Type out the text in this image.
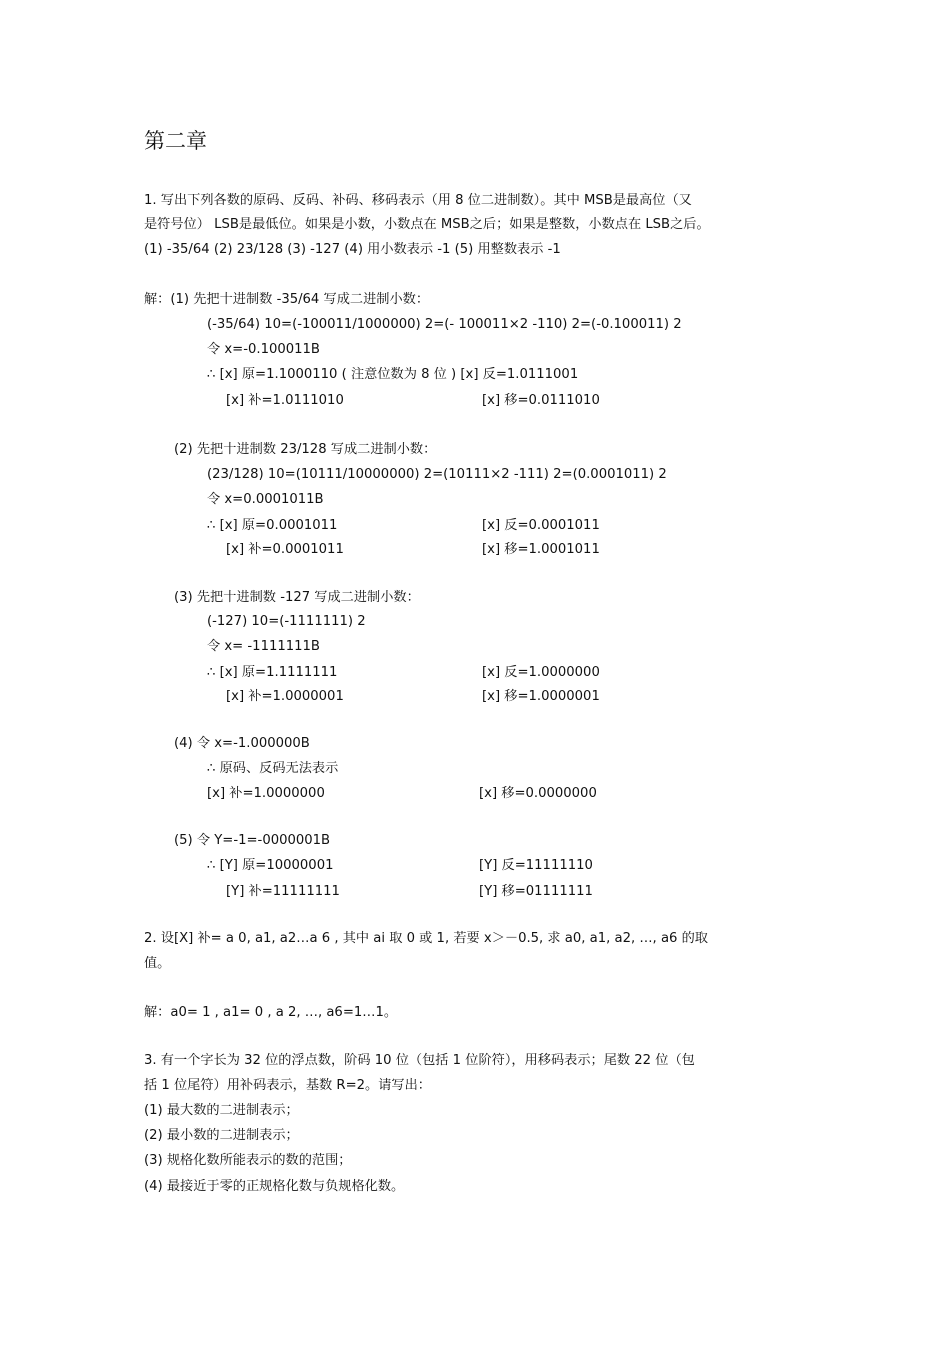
第二章
1. 写出下列各数的原码、反码、补码、移码表示（用 8 位二进制数）。其中 MSB是最高位（又
是符号位） LSB是最低位。如果是小数，小数点在 MSB之后；如果是整数，小数点在 LSB之后。
(1) -35/64 (2) 23/128 (3) -127 (4) 用小数表示 -1 (5) 用整数表示 -1
解：(1) 先把十进制数 -35/64 写成二进制小数：
(-35/64) 10=(-100011/1000000) 2=(- 100011×2 -110) 2=(-0.100011) 2
令 x=-0.100011B
∴ [x] 原=1.1000110 ( 注意位数为 8 位 ) [x] 反=1.0111001
[x] 补=1.0111010	[x] 移=0.0111010
(2) 先把十进制数 23/128 写成二进制小数：
(23/128) 10=(10111/10000000) 2=(10111×2 -111) 2=(0.0001011) 2
令 x=0.0001011B
∴ [x] 原=0.0001011	[x] 反=0.0001011
[x] 补=0.0001011	[x] 移=1.0001011
(3) 先把十进制数 -127 写成二进制小数：
(-127) 10=(-1111111) 2
令 x= -1111111B
∴ [x] 原=1.1111111	[x] 反=1.0000000
[x] 补=1.0000001	[x] 移=1.0000001
(4) 令 x=-1.000000B
∴ 原码、反码无法表示
[x] 补=1.0000000	[x] 移=0.0000000
(5) 令 Y=-1=-0000001B
∴ [Y] 原=10000001	[Y] 反=11111110
[Y] 补=11111111	[Y] 移=01111111
2. 设[X] 补= a 0, a1, a2…a 6 , 其中 ai 取 0 或 1, 若要 x＞－0.5, 求 a0, a1, a2, …, a6 的取
值。
解：a0= 1 , a1= 0 , a 2, …, a6=1…1。
3. 有一个字长为 32 位的浮点数，阶码 10 位（包括 1 位阶符），用移码表示；尾数 22 位（包
括 1 位尾符）用补码表示，基数 R=2。请写出：
(1) 最大数的二进制表示；
(2) 最小数的二进制表示；
(3) 规格化数所能表示的数的范围；
(4) 最接近于零的正规格化数与负规格化数。
